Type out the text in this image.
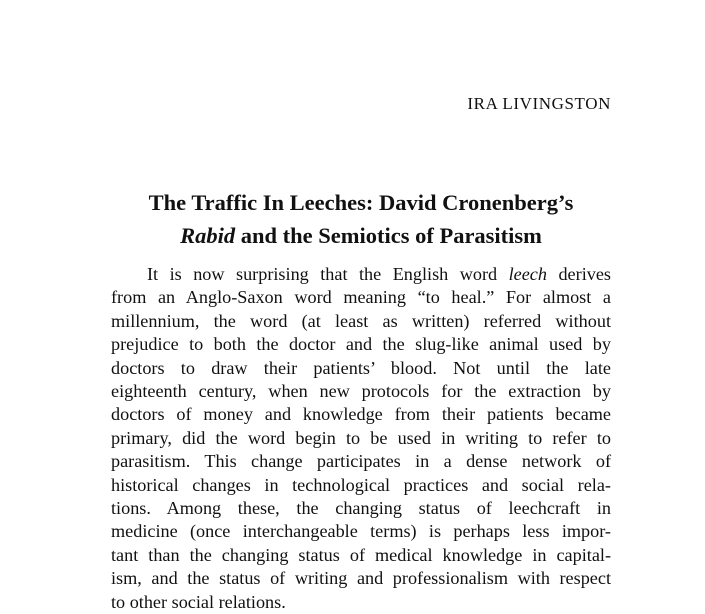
IRA LIVINGSTON
The Traffic In Leeches: David Cronenberg’s
Rabid and the Semiotics of Parasitism

It is now surprising that the English word leech derives
from an Anglo-Saxon word meaning “to heal.” For almost a
millennium, the word (at least as written) referred without
prejudice to both the doctor and the slug-like animal used by
doctors to draw their patients’ blood. Not until the late
eighteenth century, when new protocols for the extraction by
doctors of money and knowledge from their patients became
primary, did the word begin to be used in writing to refer to
parasitism. This change participates in a dense network of
historical changes in technological practices and social rela-
tions. Among these, the changing status of leechcraft in
medicine (once interchangeable terms) is perhaps less impor-
tant than the changing status of medical knowledge in capital-
ism, and the status of writing and professionalism with respect
to other social relations.
